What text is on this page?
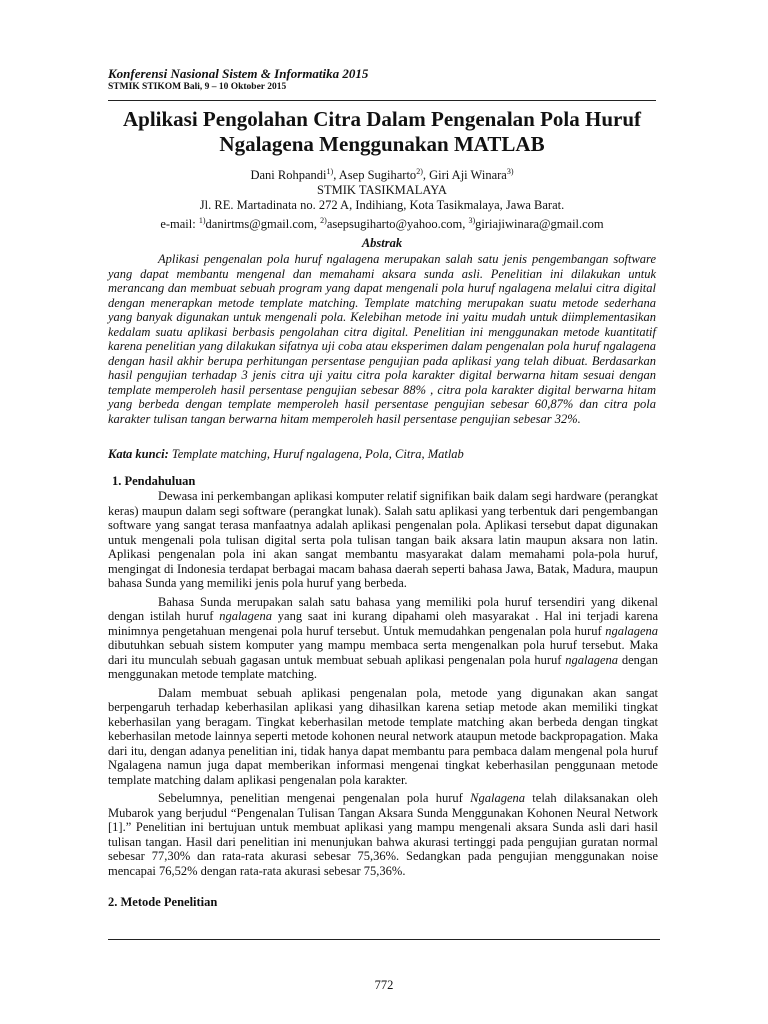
Konferensi Nasional Sistem & Informatika 2015
STMIK STIKOM Bali, 9 – 10 Oktober 2015
Aplikasi Pengolahan Citra Dalam Pengenalan Pola Huruf Ngalagena Menggunakan MATLAB
Dani Rohpandi$^{1)}$, Asep Sugiharto$^{2)}$, Giri Aji Winara$^{3)}$
STMIK TASIKMALAYA
Jl. RE. Martadinata no. 272 A, Indihiang, Kota Tasikmalaya, Jawa Barat.
e-mail: $^{1)}$danirtms@gmail.com, $^{2)}$asepsugiharto@yahoo.com, $^{3)}$giriajiwinara@gmail.com
Abstrak

Aplikasi pengenalan pola huruf ngalagena merupakan salah satu jenis pengembangan software yang dapat membantu mengenal dan memahami aksara sunda asli. Penelitian ini dilakukan untuk merancang dan membuat sebuah program yang dapat mengenali pola huruf ngalagena melalui citra digital dengan menerapkan metode template matching. Template matching merupakan suatu metode sederhana yang banyak digunakan untuk mengenali pola. Kelebihan metode ini yaitu mudah untuk diimplementasikan kedalam suatu aplikasi berbasis pengolahan citra digital. Penelitian ini menggunakan metode kuantitatif karena penelitian yang dilakukan sifatnya uji coba atau eksperimen dalam pengenalan pola huruf ngalagena dengan hasil akhir berupa perhitungan persentase pengujian pada aplikasi yang telah dibuat. Berdasarkan hasil pengujian terhadap 3 jenis citra uji yaitu citra pola karakter digital berwarna hitam sesuai dengan template memperoleh hasil persentase pengujian sebesar 88% , citra pola karakter digital berwarna hitam yang berbeda dengan template memperoleh hasil persentase pengujian sebesar 60,87% dan citra pola karakter tulisan tangan berwarna hitam memperoleh hasil persentase pengujian sebesar 32%.

Kata kunci: Template matching, Huruf ngalagena, Pola, Citra, Matlab
1. Pendahuluan

Dewasa ini perkembangan aplikasi komputer relatif signifikan baik dalam segi hardware (perangkat keras) maupun dalam segi software (perangkat lunak). Salah satu aplikasi yang terbentuk dari pengembangan software yang sangat terasa manfaatnya adalah aplikasi pengenalan pola. Aplikasi tersebut dapat digunakan untuk mengenali pola tulisan digital serta pola tulisan tangan baik aksara latin maupun aksara non latin. Aplikasi pengenalan pola ini akan sangat membantu masyarakat dalam memahami pola-pola huruf, mengingat di Indonesia terdapat berbagai macam bahasa daerah seperti bahasa Jawa, Batak, Madura, maupun bahasa Sunda yang memiliki jenis pola huruf yang berbeda.

Bahasa Sunda merupakan salah satu bahasa yang memiliki pola huruf tersendiri yang dikenal dengan istilah huruf ngalagena yang saat ini kurang dipahami oleh masyarakat . Hal ini terjadi karena minimnya pengetahuan mengenai pola huruf tersebut. Untuk memudahkan pengenalan pola huruf ngalagena dibutuhkan sebuah sistem komputer yang mampu membaca serta mengenalkan pola huruf tersebut. Maka dari itu munculah sebuah gagasan untuk membuat sebuah aplikasi pengenalan pola huruf ngalagena dengan menggunakan metode template matching.

Dalam membuat sebuah aplikasi pengenalan pola, metode yang digunakan akan sangat berpengaruh terhadap keberhasilan aplikasi yang dihasilkan karena setiap metode akan memiliki tingkat keberhasilan yang beragam. Tingkat keberhasilan metode template matching akan berbeda dengan tingkat keberhasilan metode lainnya seperti metode kohonen neural network ataupun metode backpropagation. Maka dari itu, dengan adanya penelitian ini, tidak hanya dapat membantu para pembaca dalam mengenal pola huruf Ngalagena namun juga dapat memberikan informasi mengenai tingkat keberhasilan penggunaan metode template matching dalam aplikasi pengenalan pola karakter.

Sebelumnya, penelitian mengenai pengenalan pola huruf Ngalagena telah dilaksanakan oleh Mubarok yang berjudul “Pengenalan Tulisan Tangan Aksara Sunda Menggunakan Kohonen Neural Network [1].” Penelitian ini bertujuan untuk membuat aplikasi yang mampu mengenali aksara Sunda asli dari hasil tulisan tangan. Hasil dari penelitian ini menunjukan bahwa akurasi tertinggi pada pengujian guratan normal sebesar 77,30% dan rata-rata akurasi sebesar 75,36%. Sedangkan pada pengujian menggunakan noise mencapai 76,52% dengan rata-rata akurasi sebesar 75,36%.

2. Metode Penelitian
772
